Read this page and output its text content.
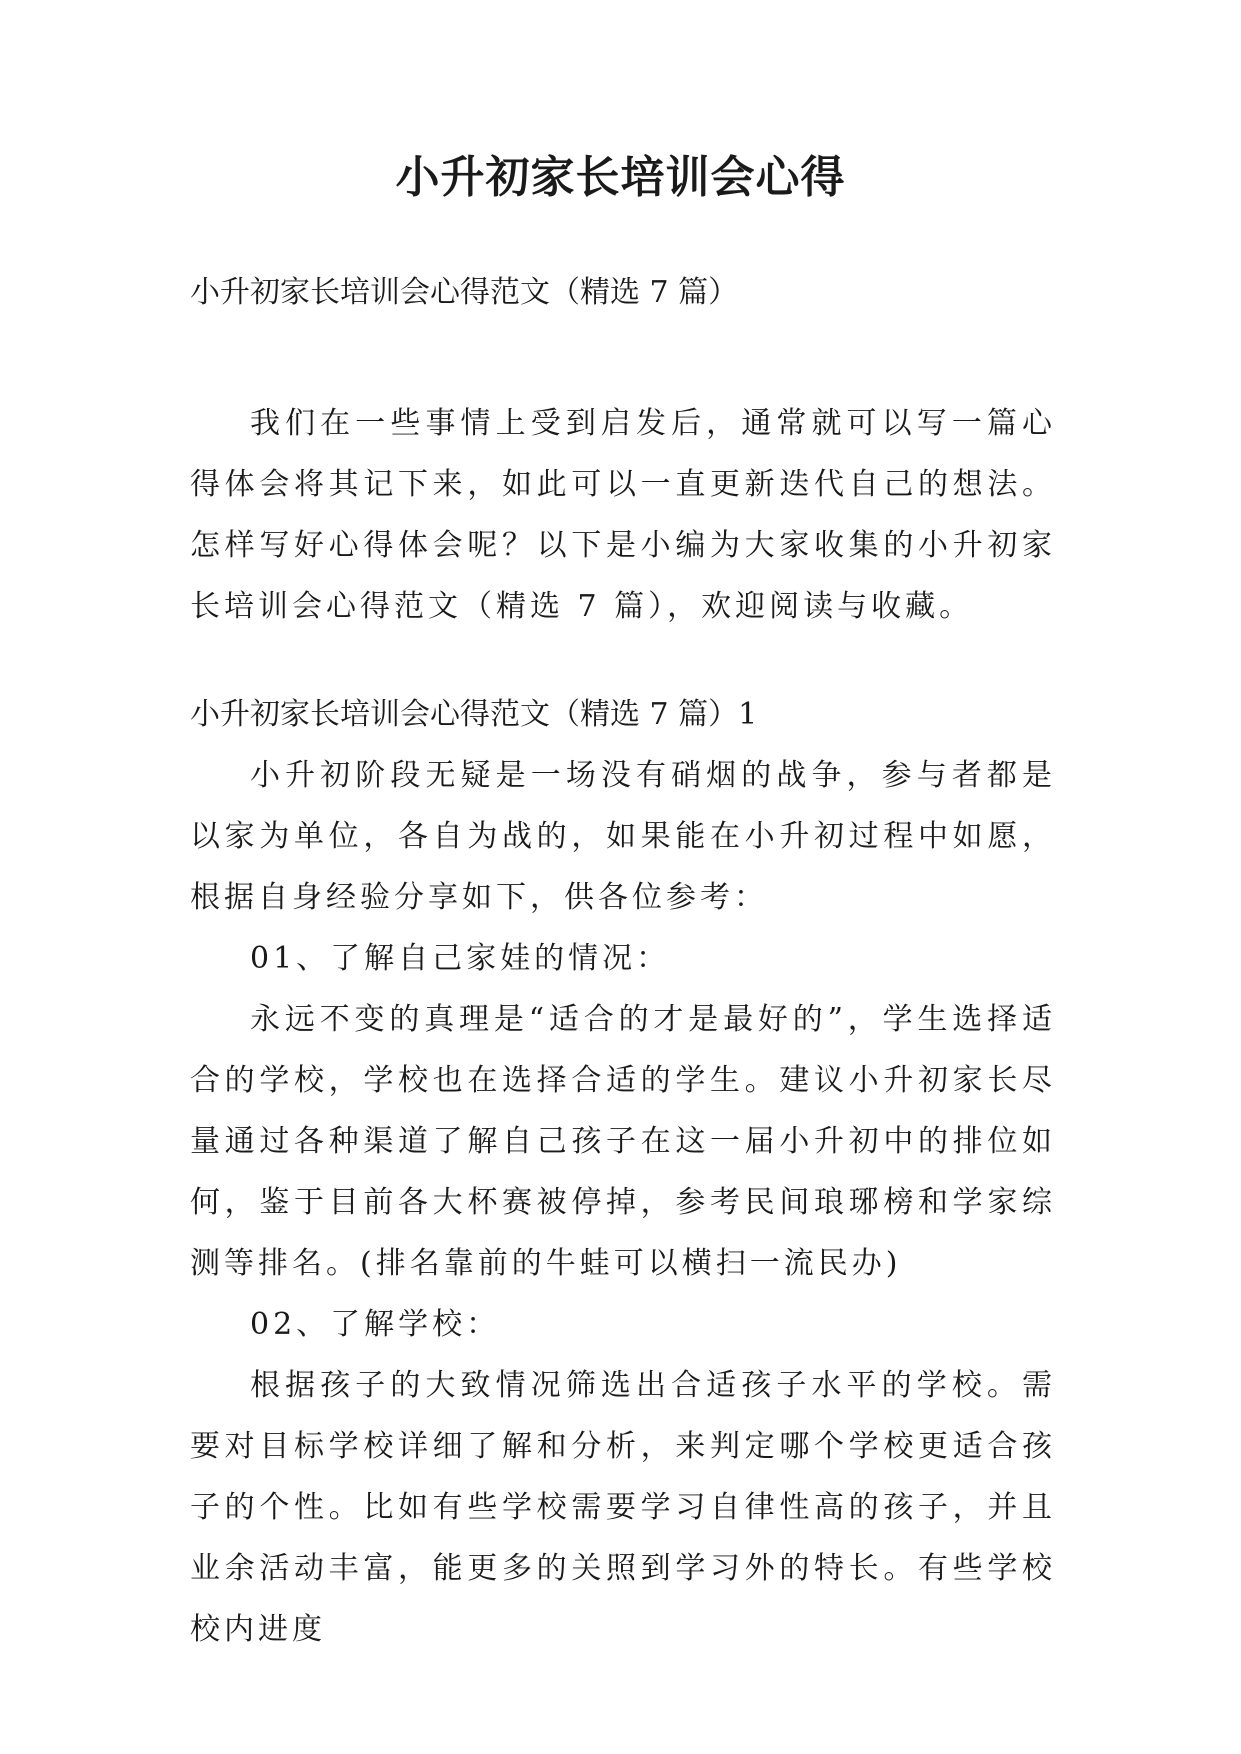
小升初家长培训会心得

小升初家长培训会心得范文（精选 7 篇）

我们在一些事情上受到启发后，通常就可以写一篇心得体会将其记下来，如此可以一直更新迭代自己的想法。怎样写好心得体会呢？以下是小编为大家收集的小升初家长培训会心得范文（精选 7 篇），欢迎阅读与收藏。

小升初家长培训会心得范文（精选 7 篇）1

小升初阶段无疑是一场没有硝烟的战争，参与者都是以家为单位，各自为战的，如果能在小升初过程中如愿，根据自身经验分享如下，供各位参考：

01、了解自己家娃的情况：

永远不变的真理是“适合的才是最好的”，学生选择适合的学校，学校也在选择合适的学生。建议小升初家长尽量通过各种渠道了解自己孩子在这一届小升初中的排位如何，鉴于目前各大杯赛被停掉，参考民间琅琊榜和学家综测等排名。(排名靠前的牛蛙可以横扫一流民办)

02、了解学校：

根据孩子的大致情况筛选出合适孩子水平的学校。需要对目标学校详细了解和分析，来判定哪个学校更适合孩子的个性。比如有些学校需要学习自律性高的孩子，并且业余活动丰富，能更多的关照到学习外的特长。有些学校校内进度
